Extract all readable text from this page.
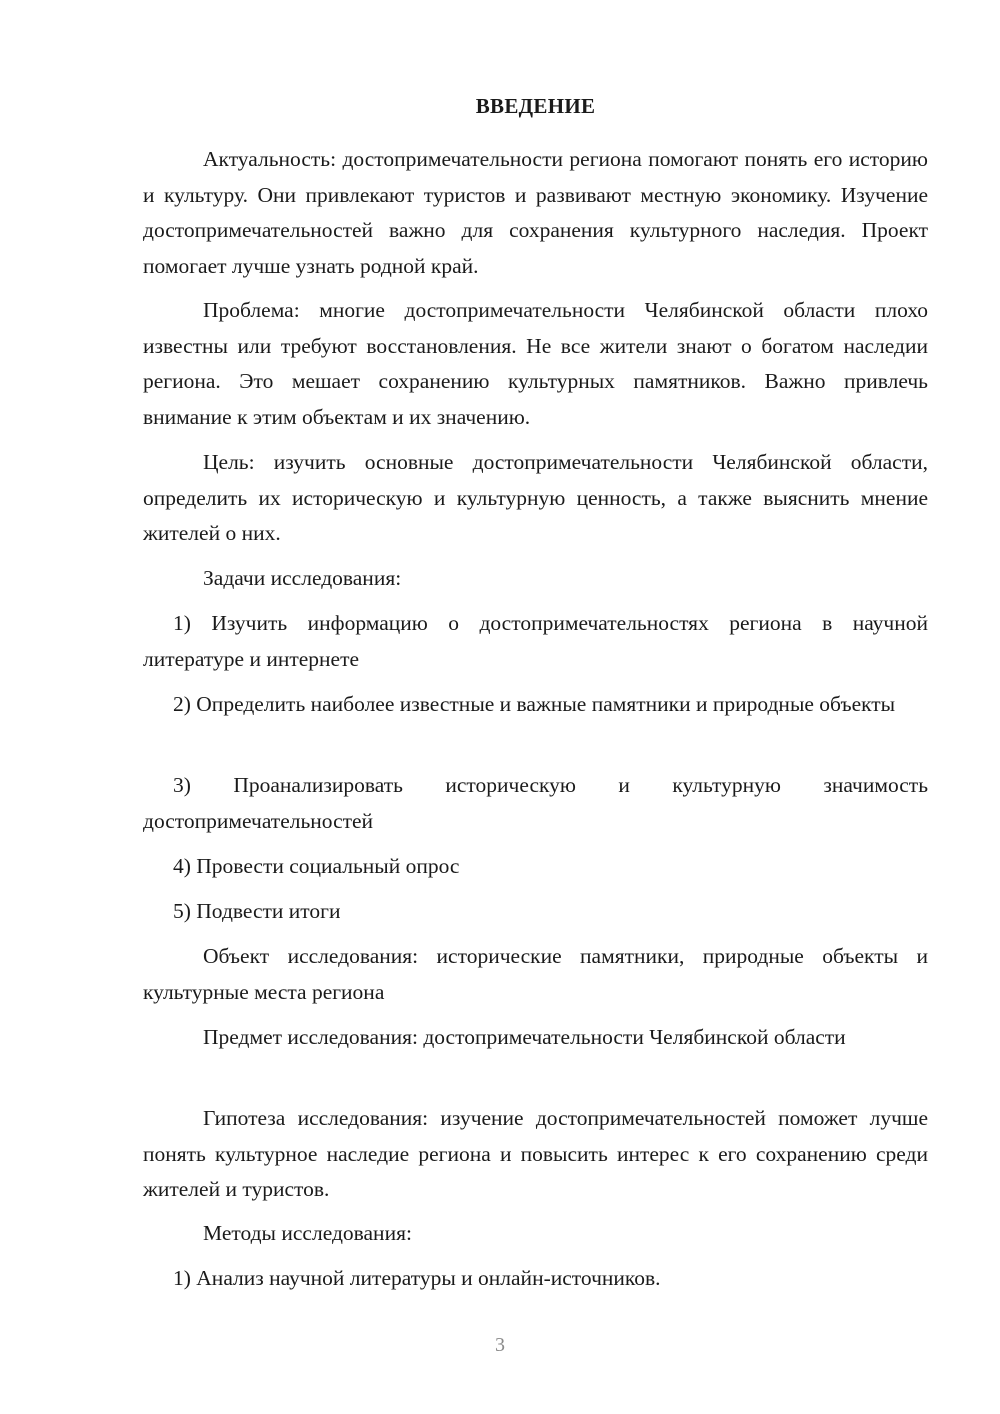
ВВЕДЕНИЕ

Актуальность: достопримечательности региона помогают понять его историю и культуру. Они привлекают туристов и развивают местную экономику. Изучение достопримечательностей важно для сохранения культурного наследия. Проект помогает лучше узнать родной край.

Проблема: многие достопримечательности Челябинской области плохо известны или требуют восстановления. Не все жители знают о богатом наследии региона. Это мешает сохранению культурных памятников. Важно привлечь внимание к этим объектам и их значению.

Цель: изучить основные достопримечательности Челябинской области, определить их историческую и культурную ценность, а также выяснить мнение жителей о них.

Задачи исследования:

1) Изучить информацию о достопримечательностях региона в научной литературе и интернете

2) Определить наиболее известные и важные памятники и природные объекты

3) Проанализировать историческую и культурную значимость достопримечательностей

4) Провести социальный опрос

5) Подвести итоги

Объект исследования: исторические памятники, природные объекты и культурные места региона

Предмет исследования: достопримечательности Челябинской области

Гипотеза исследования: изучение достопримечательностей поможет лучше понять культурное наследие региона и повысить интерес к его сохранению среди жителей и туристов.

Методы исследования:

1) Анализ научной литературы и онлайн-источников.

3
